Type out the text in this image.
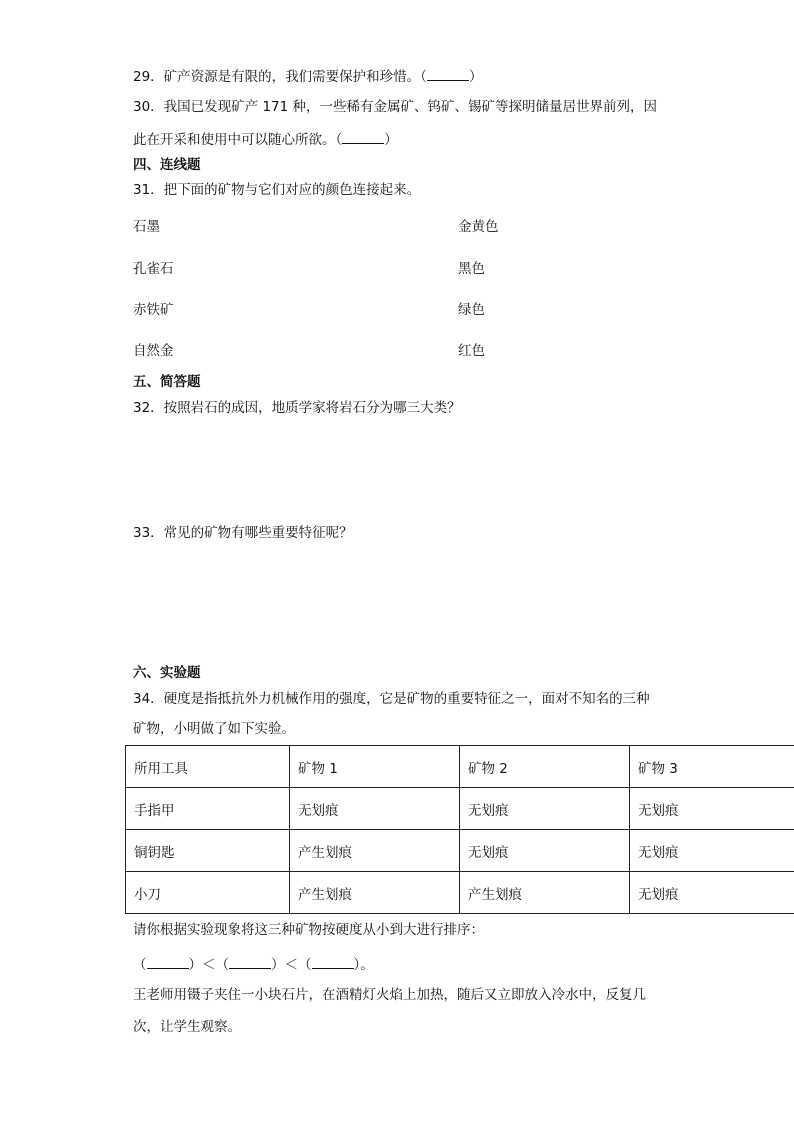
29．矿产资源是有限的，我们需要保护和珍惜。（	）
30．我国已发现矿产 171 种，一些稀有金属矿、钨矿、锡矿等探明储量居世界前列，因
此在开采和使用中可以随心所欲。（	）
四、连线题
31．把下面的矿物与它们对应的颜色连接起来。
石墨	金黄色
孔雀石	黑色
赤铁矿	绿色
自然金	红色
五、简答题
32．按照岩石的成因，地质学家将岩石分为哪三大类？
33．常见的矿物有哪些重要特征呢？
六、实验题
34．硬度是指抵抗外力机械作用的强度，它是矿物的重要特征之一，面对不知名的三种
矿物，小明做了如下实验。
所用工具	矿物 1	矿物 2	矿物 3
手指甲	无划痕	无划痕	无划痕
铜钥匙	产生划痕	无划痕	无划痕
小刀	产生划痕	产生划痕	无划痕
请你根据实验现象将这三种矿物按硬度从小到大进行排序：
（	）＜（	）＜（	）。
王老师用镊子夹住一小块石片，在酒精灯火焰上加热，随后又立即放入冷水中，反复几
次，让学生观察。
